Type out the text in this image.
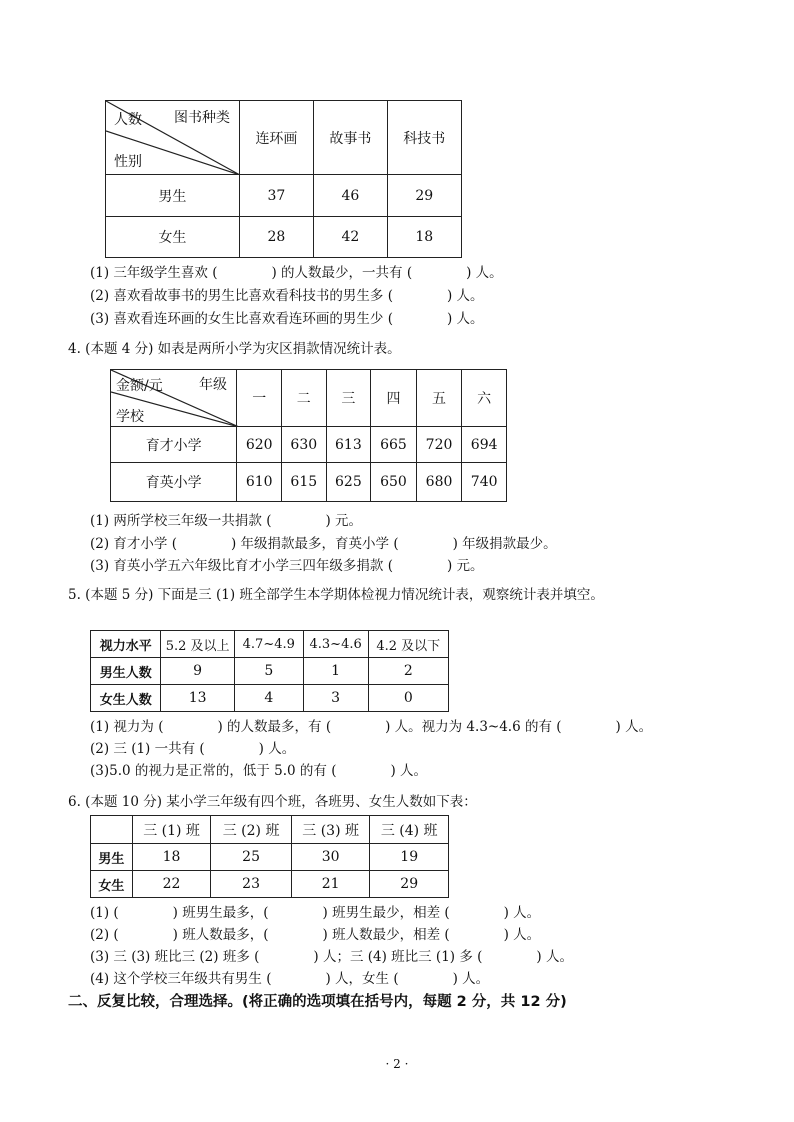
图书种类
人数
性别	连环画	故事书	科技书
男生	37	46	29
女生	28	42	18
(1) 三年级学生喜欢 (　　　　) 的人数最少，一共有 (　　　　) 人。
(2) 喜欢看故事书的男生比喜欢看科技书的男生多 (　　　　) 人。
(3) 喜欢看连环画的女生比喜欢看连环画的男生少 (　　　　) 人。
4. (本题 4 分) 如表是两所小学为灾区捐款情况统计表。
年级
金额/元
学校	一	二	三	四	五	六
育才小学	620	630	613	665	720	694
育英小学	610	615	625	650	680	740
(1) 两所学校三年级一共捐款 (　　　　) 元。
(2) 育才小学 (　　　　) 年级捐款最多，育英小学 (　　　　) 年级捐款最少。
(3) 育英小学五六年级比育才小学三四年级多捐款 (　　　　) 元。
5. (本题 5 分) 下面是三 (1) 班全部学生本学期体检视力情况统计表，观察统计表并填空。
视力水平	5.2 及以上	4.7~4.9	4.3~4.6	4.2 及以下
男生人数	9	5	1	2
女生人数	13	4	3	0
(1) 视力为 (　　　　) 的人数最多，有 (　　　　) 人。视力为 4.3~4.6 的有 (　　　　) 人。
(2) 三 (1) 一共有 (　　　　) 人。
(3)5.0 的视力是正常的，低于 5.0 的有 (　　　　) 人。
6. (本题 10 分) 某小学三年级有四个班，各班男、女生人数如下表：
	三 (1) 班	三 (2) 班	三 (3) 班	三 (4) 班
男生	18	25	30	19
女生	22	23	21	29
(1) (　　　　) 班男生最多，(　　　　) 班男生最少，相差 (　　　　) 人。
(2) (　　　　) 班人数最多，(　　　　) 班人数最少，相差 (　　　　) 人。
(3) 三 (3) 班比三 (2) 班多 (　　　　) 人；三 (4) 班比三 (1) 多 (　　　　) 人。
(4) 这个学校三年级共有男生 (　　　　) 人，女生 (　　　　) 人。
二、反复比较，合理选择。(将正确的选项填在括号内，每题 2 分，共 12 分)
· 2 ·
